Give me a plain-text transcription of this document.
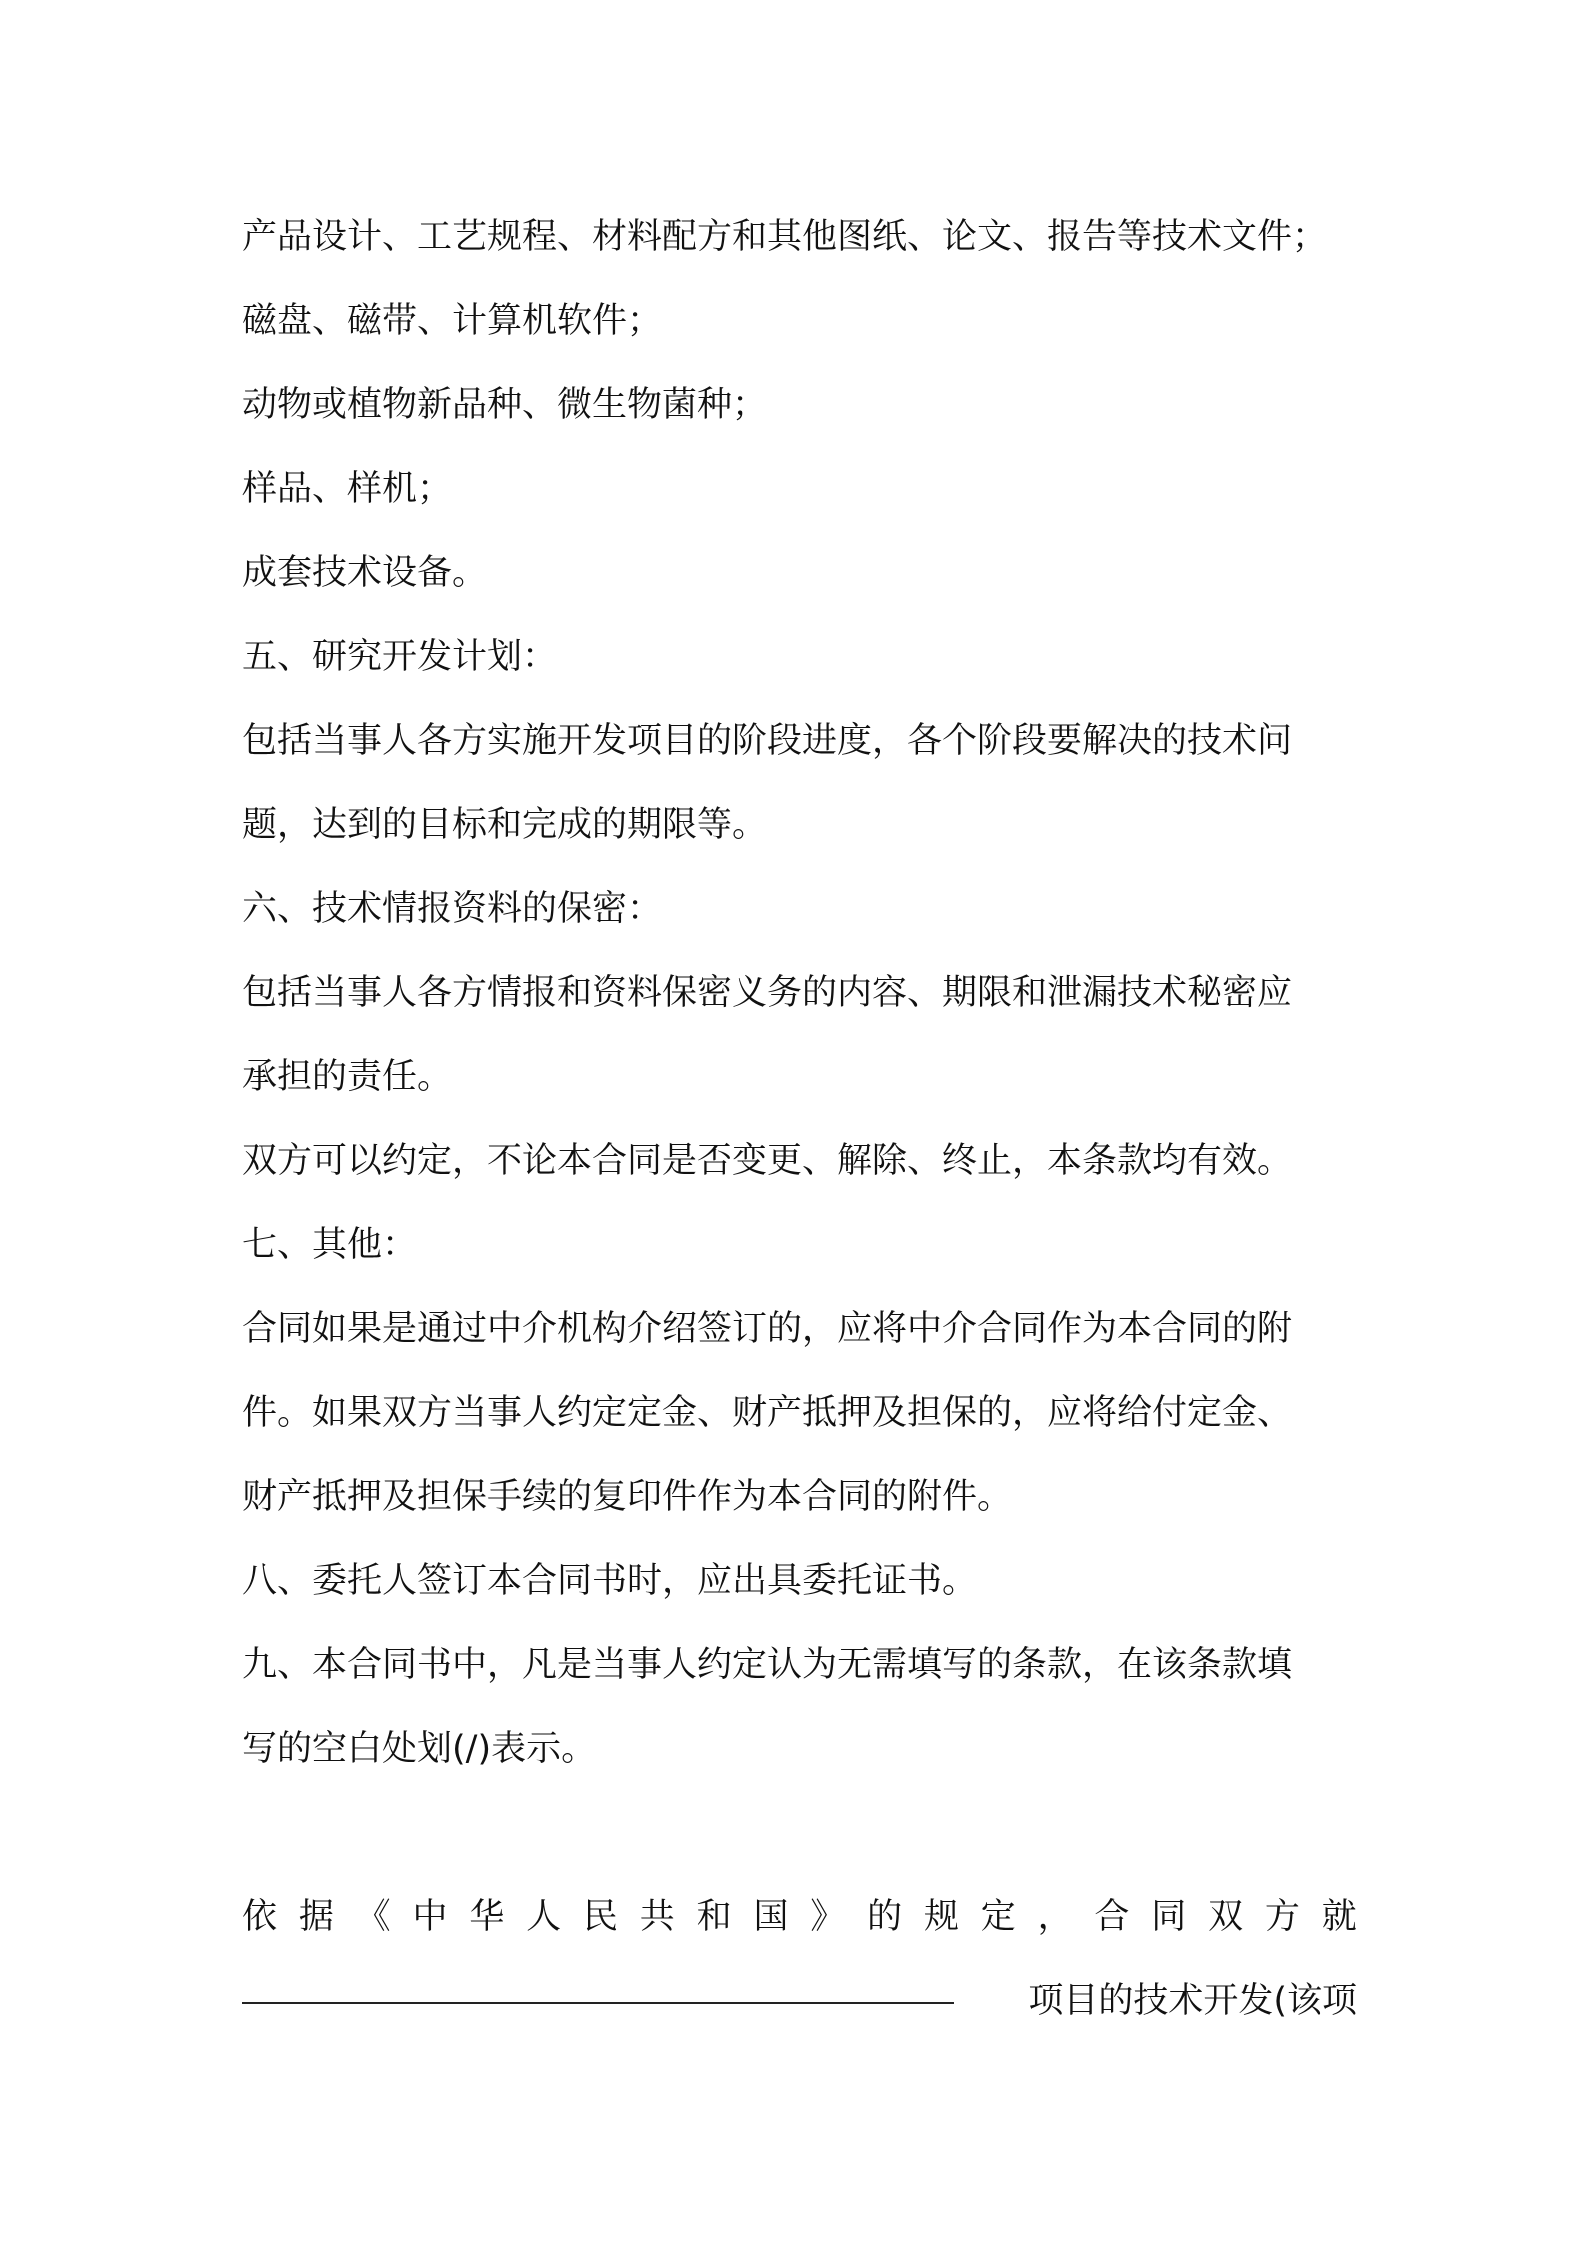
产品设计、工艺规程、材料配方和其他图纸、论文、报告等技术文件；
磁盘、磁带、计算机软件；
动物或植物新品种、微生物菌种；
样品、样机；
成套技术设备。
五、研究开发计划：
包括当事人各方实施开发项目的阶段进度，各个阶段要解决的技术问
题，达到的目标和完成的期限等。
六、技术情报资料的保密：
包括当事人各方情报和资料保密义务的内容、期限和泄漏技术秘密应
承担的责任。
双方可以约定，不论本合同是否变更、解除、终止，本条款均有效。
七、其他：
合同如果是通过中介机构介绍签订的，应将中介合同作为本合同的附
件。如果双方当事人约定定金、财产抵押及担保的，应将给付定金、
财产抵押及担保手续的复印件作为本合同的附件。
八、委托人签订本合同书时，应出具委托证书。
九、本合同书中，凡是当事人约定认为无需填写的条款，在该条款填
写的空白处划(/)表示。
依 据 《 中 华 人 民 共 和 国 》 的 规 定 ， 合 同 双 方 就
项目的技术开发(该项
